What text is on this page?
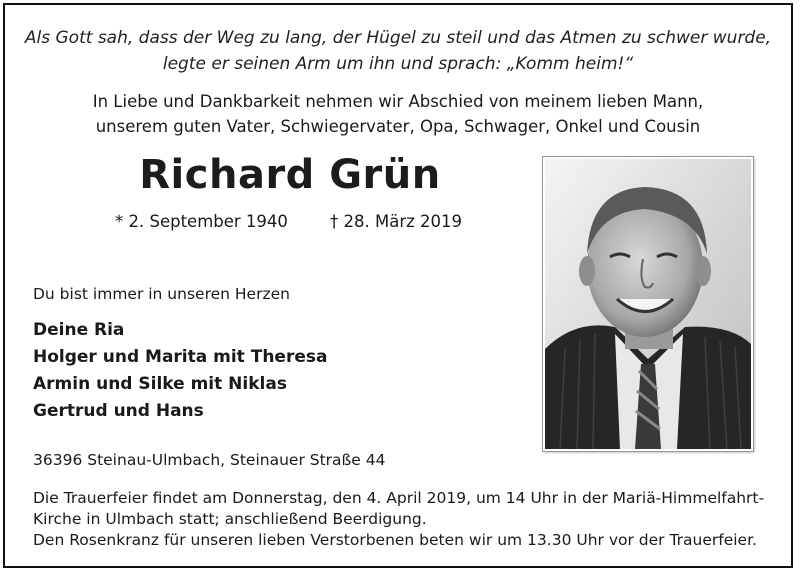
Als Gott sah, dass der Weg zu lang, der Hügel zu steil und das Atmen zu schwer wurde,
legte er seinen Arm um ihn und sprach: „Komm heim!“
In Liebe und Dankbarkeit nehmen wir Abschied von meinem lieben Mann,
unserem guten Vater, Schwiegervater, Opa, Schwager, Onkel und Cousin
Richard Grün
* 2. September 1940	† 28. März 2019
Du bist immer in unseren Herzen
Deine Ria
Holger und Marita mit Theresa
Armin und Silke mit Niklas
Gertrud und Hans
36396 Steinau-Ulmbach, Steinauer Straße 44

Die Trauerfeier findet am Donnerstag, den 4. April 2019, um 14 Uhr in der Mariä-Himmelfahrt-

Kirche in Ulmbach statt; anschließend Beerdigung.

Den Rosenkranz für unseren lieben Verstorbenen beten wir um 13.30 Uhr vor der Trauerfeier.
